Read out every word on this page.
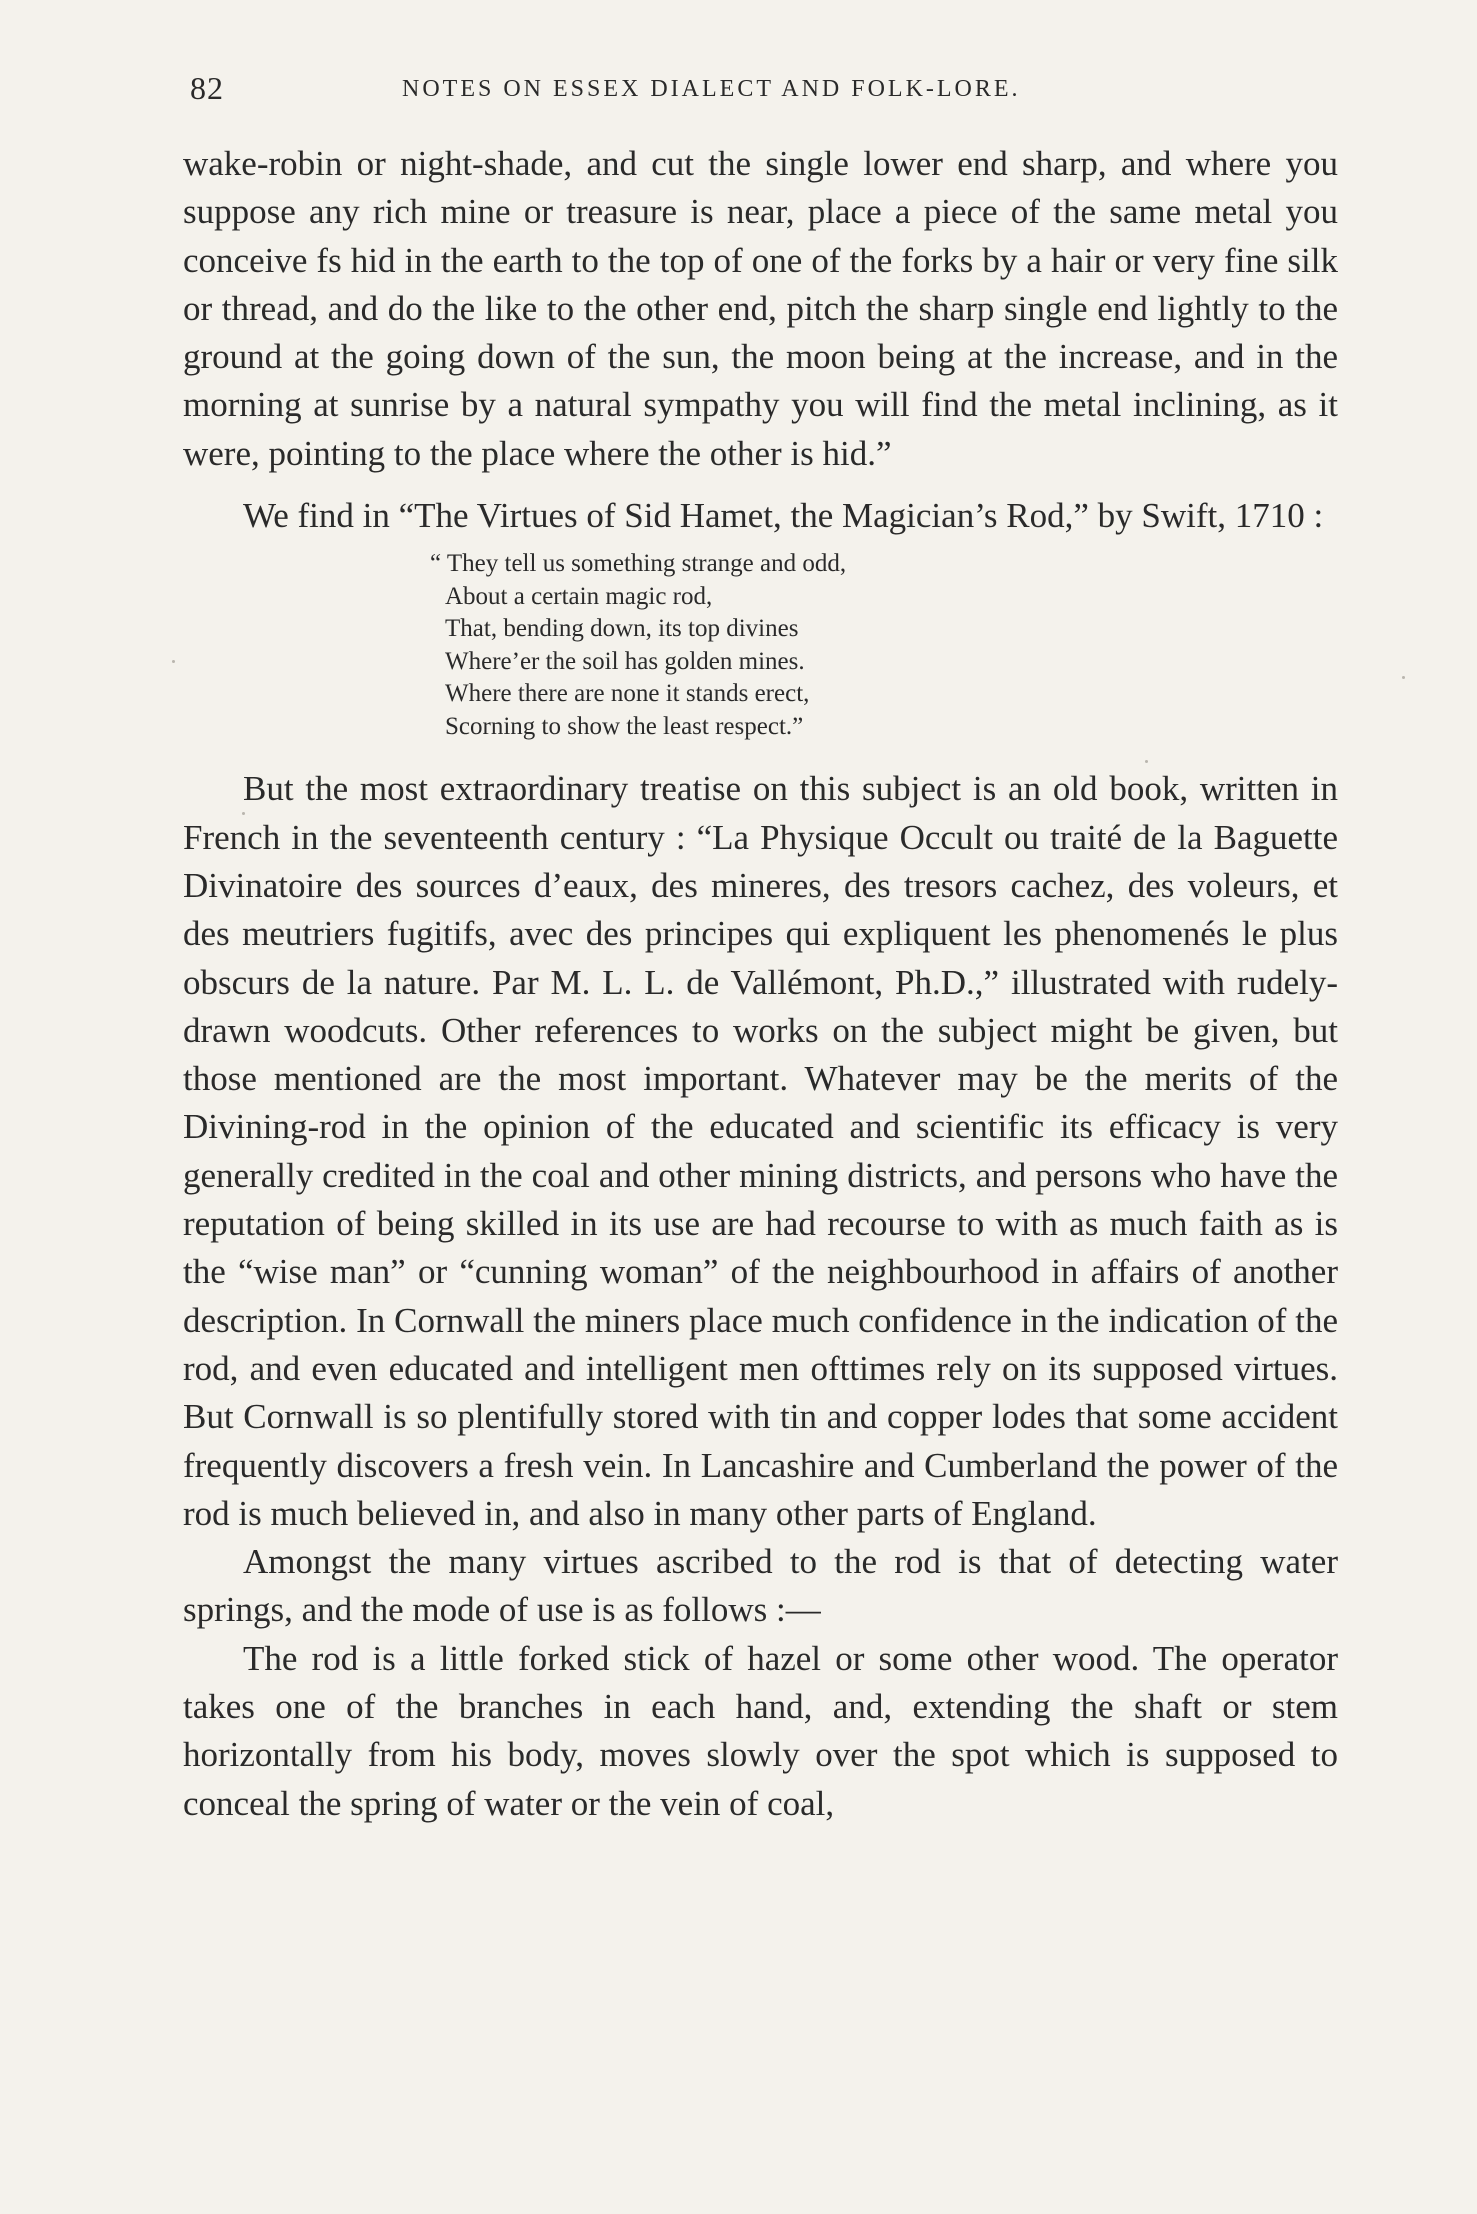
82	NOTES ON ESSEX DIALECT AND FOLK-LORE.

wake-robin or night-shade, and cut the single lower end sharp, and where you suppose any rich mine or treasure is near, place a piece of the same metal you conceive fs hid in the earth to the top of one of the forks by a hair or very fine silk or thread, and do the like to the other end, pitch the sharp single end lightly to the ground at the going down of the sun, the moon being at the increase, and in the morning at sunrise by a natural sympathy you will find the metal inclining, as it were, pointing to the place where the other is hid.”

We find in “The Virtues of Sid Hamet, the Magician’s Rod,” by Swift, 1710 :

“ They tell us something strange and odd,
About a certain magic rod,
That, bending down, its top divines
Where’er the soil has golden mines.
Where there are none it stands erect,
Scorning to show the least respect.”

But the most extraordinary treatise on this subject is an old book, written in French in the seventeenth century : “La Physique Occult ou traité de la Baguette Divinatoire des sources d’eaux, des mineres, des tresors cachez, des voleurs, et des meutriers fugitifs, avec des principes qui expliquent les phenomenés le plus obscurs de la nature. Par M. L. L. de Vallémont, Ph.D.,” illustrated with rudely-drawn woodcuts. Other references to works on the subject might be given, but those mentioned are the most important. Whatever may be the merits of the Divining-rod in the opinion of the educated and scientific its efficacy is very generally credited in the coal and other mining districts, and persons who have the reputation of being skilled in its use are had recourse to with as much faith as is the “wise man” or “cunning woman” of the neighbourhood in affairs of another description. In Cornwall the miners place much confidence in the indication of the rod, and even educated and intelligent men ofttimes rely on its supposed virtues. But Cornwall is so plentifully stored with tin and copper lodes that some accident frequently discovers a fresh vein. In Lancashire and Cumberland the power of the rod is much believed in, and also in many other parts of England.

Amongst the many virtues ascribed to the rod is that of detecting water springs, and the mode of use is as follows :—

The rod is a little forked stick of hazel or some other wood. The operator takes one of the branches in each hand, and, extending the shaft or stem horizontally from his body, moves slowly over the spot which is supposed to conceal the spring of water or the vein of coal,
